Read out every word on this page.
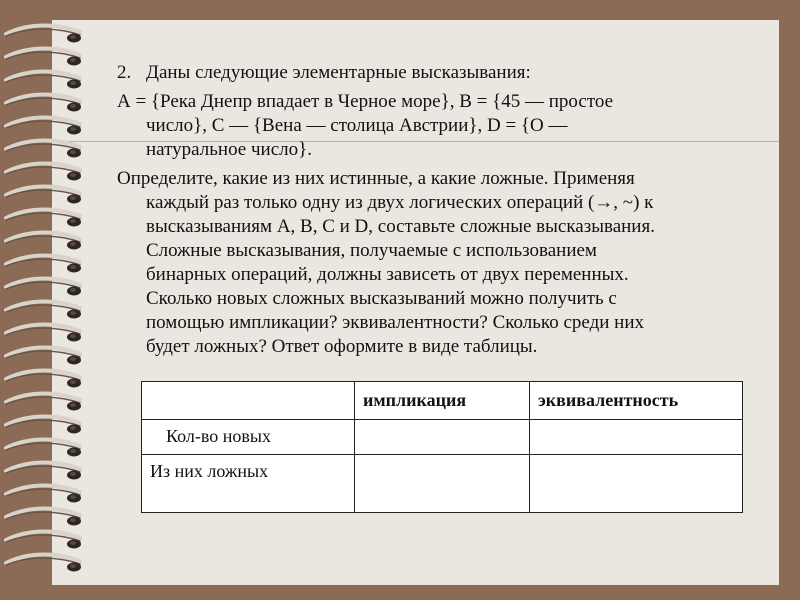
2. Даны следующие элементарные высказывания:
А = {Река Днепр впадает в Черное море}, В = {45 — простое
число}, С — {Вена — столица Австрии}, D = {О —
натуральное число}.
Определите, какие из них истинные, а какие ложные. Применяя
каждый раз только одну из двух логических операций (→, ~) к
высказываниям А, В, С и D, составьте сложные высказывания.
Сложные высказывания, получаемые с использованием
бинарных операций, должны зависеть от двух переменных.
Сколько новых сложных высказываний можно получить с
помощью импликации? эквивалентности? Сколько среди них
будет ложных? Ответ оформите в виде таблицы.
	импликация	эквивалентность
Кол-во новых		
Из них ложных		
